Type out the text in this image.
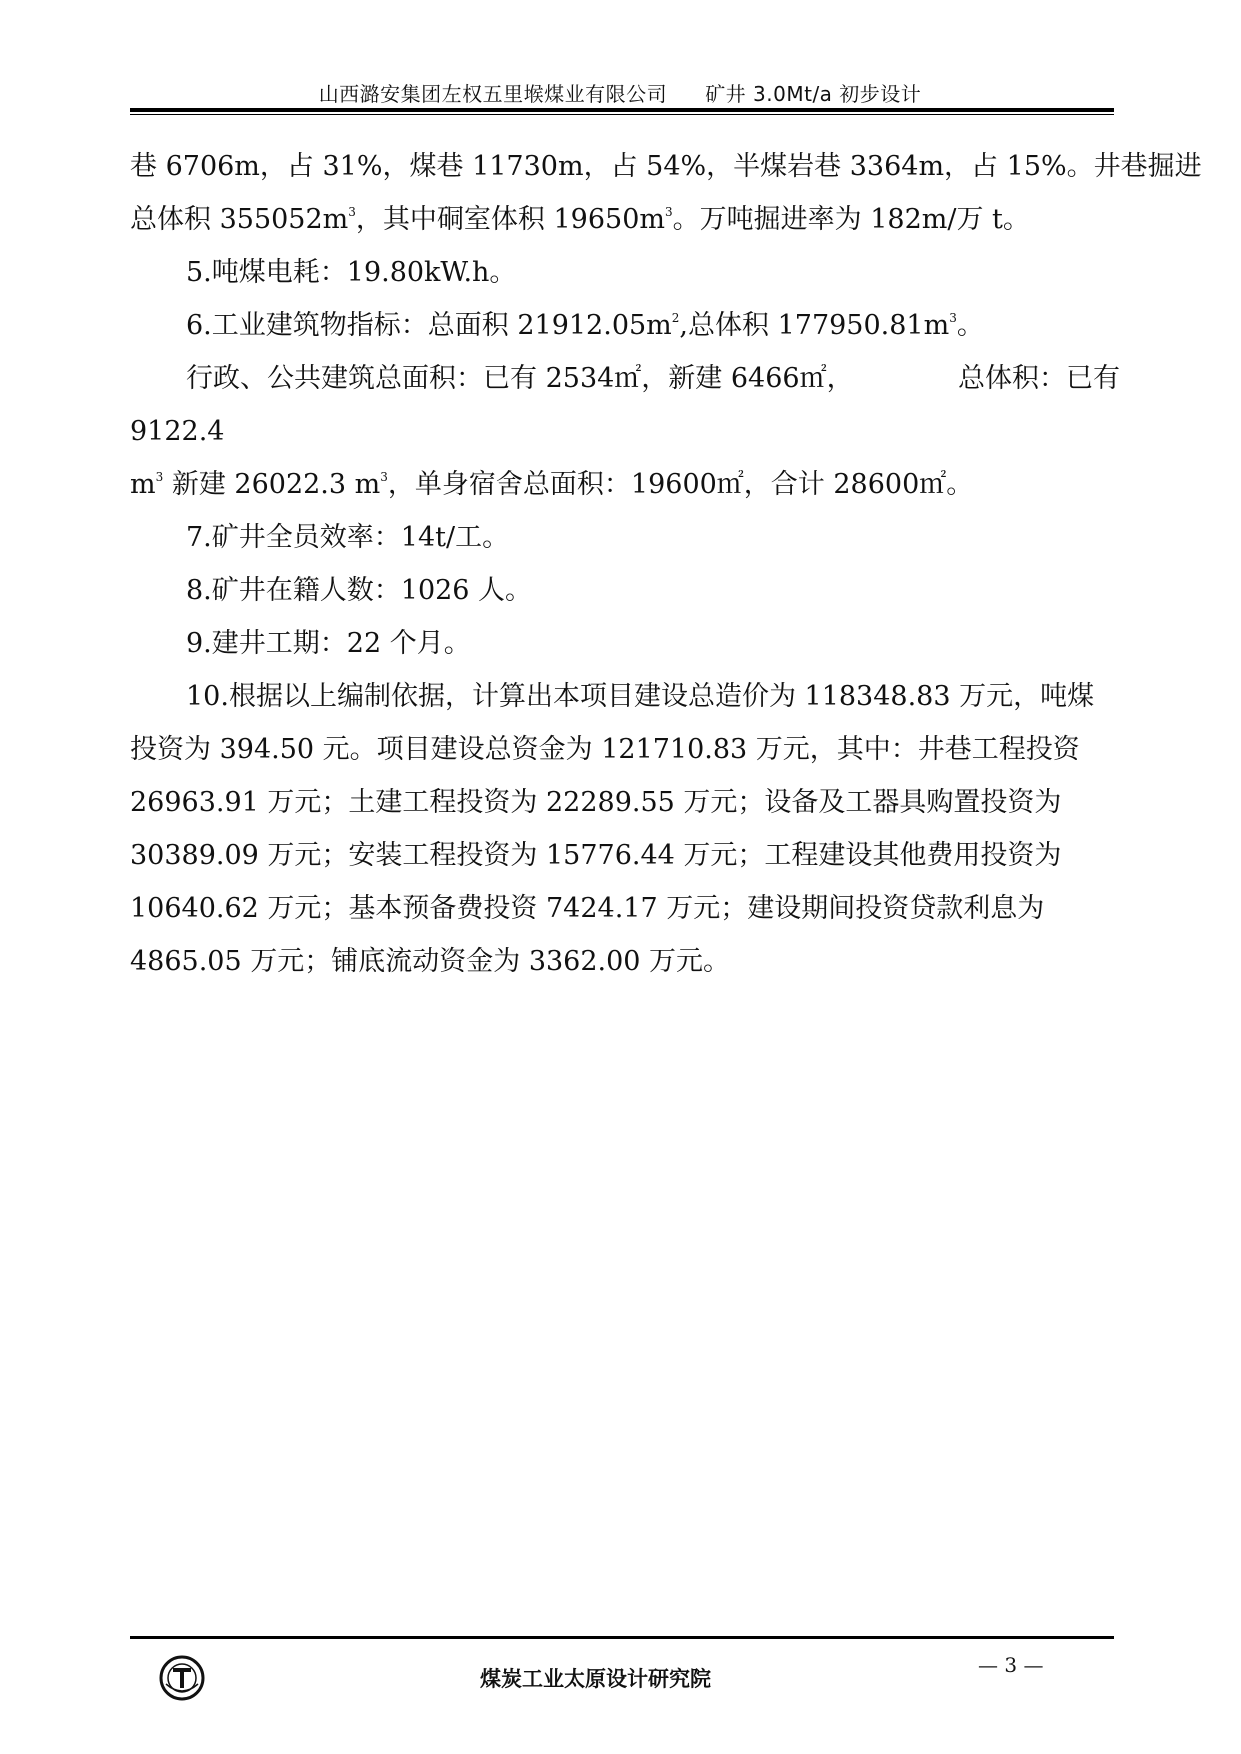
山西潞安集团左权五里堠煤业有限公司 矿井 3.0Mt/a 初步设计
巷 6706m，占 31%，煤巷 11730m，占 54%，半煤岩巷 3364m，占 15%。井巷掘进
总体积 $355052m^3$，其中硐室体积 $19650m^3$。万吨掘进率为 182m/万 t。
5.吨煤电耗：19.80kW.h。
6.工业建筑物指标：总面积 $21912.05m^2$,总体积 $177950.81m^3$。
行政、公共建筑总面积：已有 2534㎡，新建 6466㎡，	总体积：已有
9122.4
$m^3$ 新建 26022.3 $m^3$，单身宿舍总面积：19600㎡，合计 28600㎡。
7.矿井全员效率：14t/工。
8.矿井在籍人数：1026 人。
9.建井工期：22 个月。
10.根据以上编制依据，计算出本项目建设总造价为 118348.83 万元，吨煤
投资为 394.50 元。项目建设总资金为 121710.83 万元，其中：井巷工程投资
26963.91 万元；土建工程投资为 22289.55 万元；设备及工器具购置投资为
30389.09 万元；安装工程投资为 15776.44 万元；工程建设其他费用投资为
10640.62 万元；基本预备费投资 7424.17 万元；建设期间投资贷款利息为
4865.05 万元；铺底流动资金为 3362.00 万元。
煤炭工业太原设计研究院
— 3 —
